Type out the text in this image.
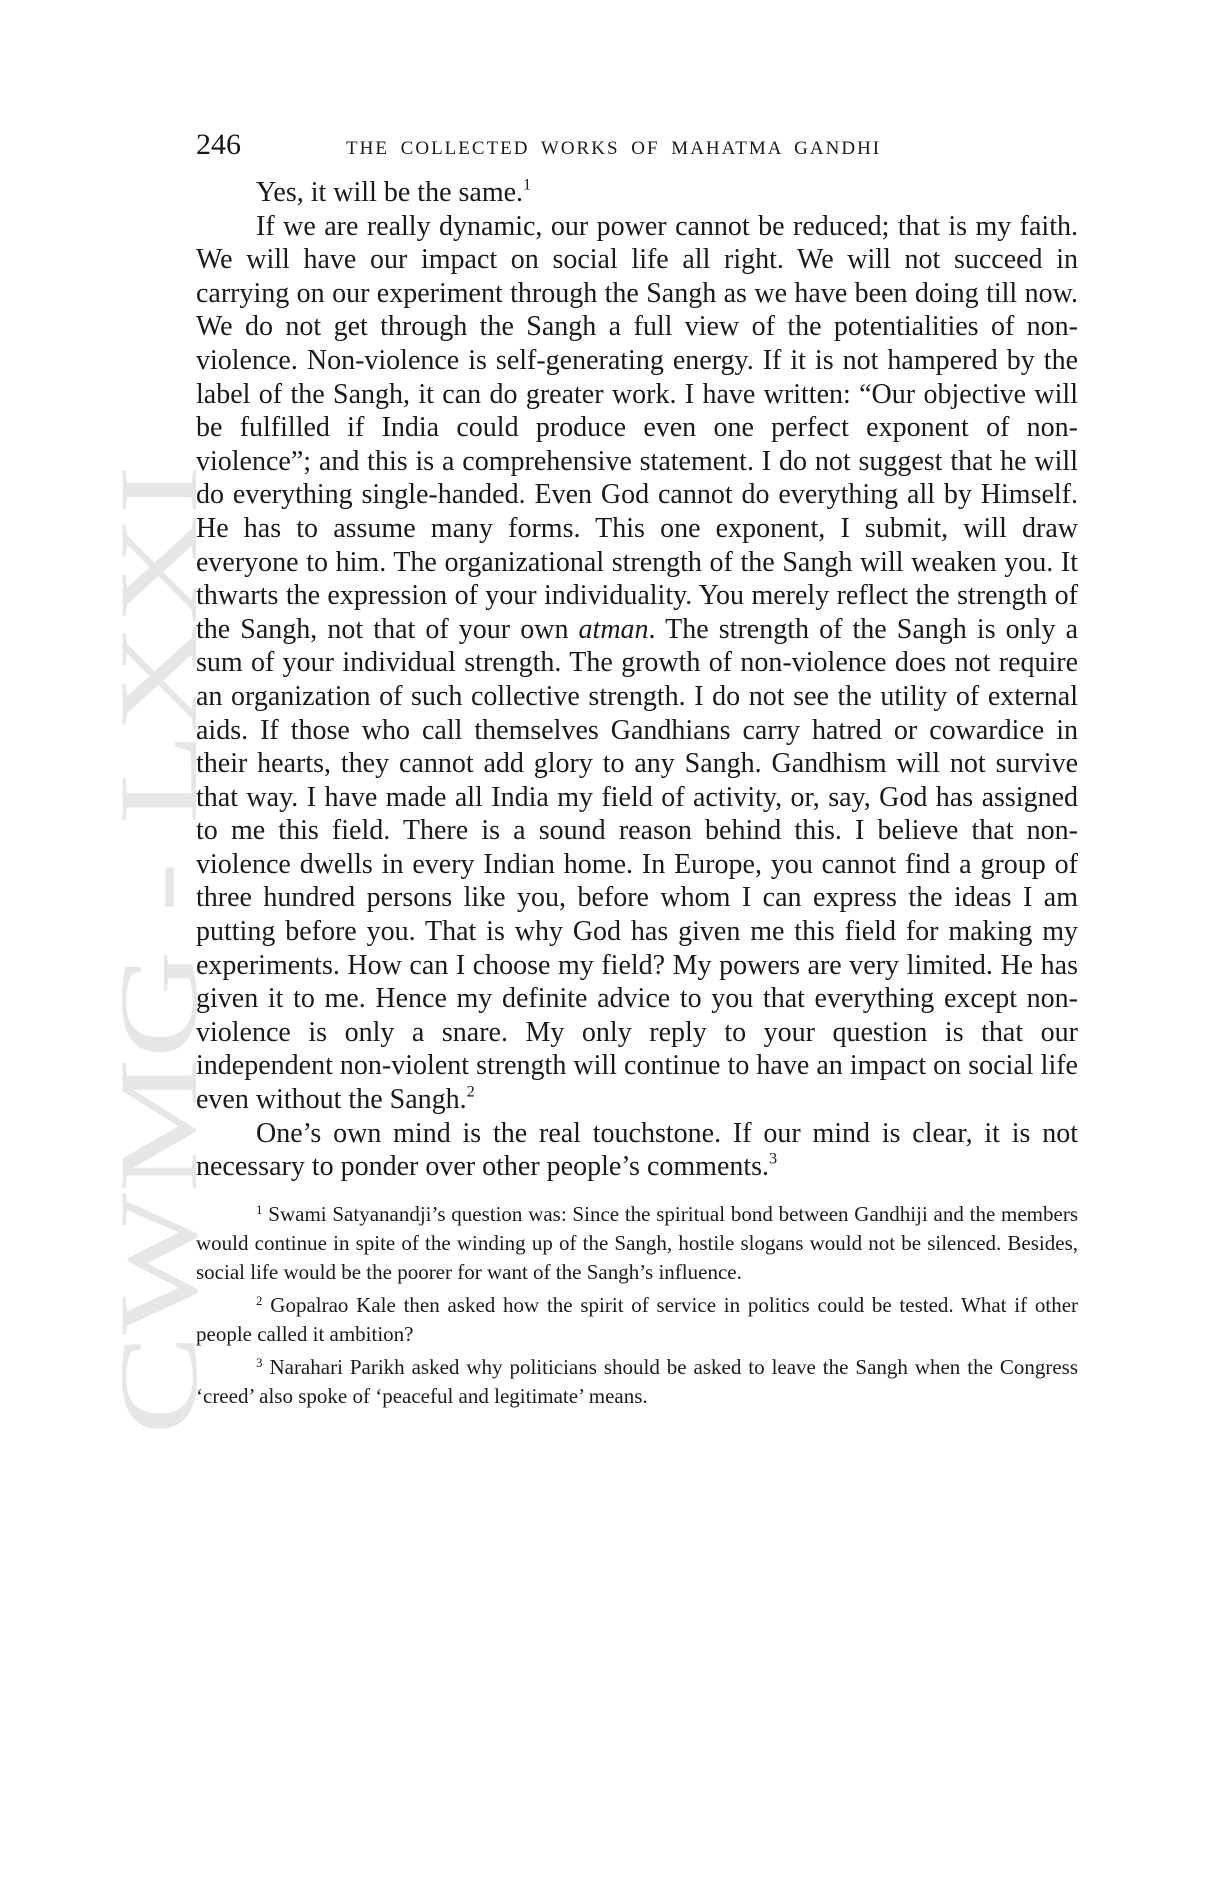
CWMG - LXXI
246	THE COLLECTED WORKS OF MAHATMA GANDHI

Yes, it will be the same.$^1$

If we are really dynamic, our power cannot be reduced; that is my faith. We will have our impact on social life all right. We will not succeed in carrying on our experiment through the Sangh as we have been doing till now. We do not get through the Sangh a full view of the potentialities of non-violence. Non-violence is self-generating energy. If it is not hampered by the label of the Sangh, it can do greater work. I have written: “Our objective will be fulfilled if India could produce even one perfect exponent of non-violence”; and this is a comprehensive statement. I do not suggest that he will do everything single-handed. Even God cannot do everything all by Himself. He has to assume many forms. This one exponent, I submit, will draw everyone to him. The organizational strength of the Sangh will weaken you. It thwarts the expression of your individuality. You merely reflect the strength of the Sangh, not that of your own atman. The strength of the Sangh is only a sum of your individual strength. The growth of non-violence does not require an organization of such collective strength. I do not see the utility of external aids. If those who call themselves Gandhians carry hatred or cowardice in their hearts, they cannot add glory to any Sangh. Gandhism will not survive that way. I have made all India my field of activity, or, say, God has assigned to me this field. There is a sound reason behind this. I believe that non-violence dwells in every Indian home. In Europe, you cannot find a group of three hundred persons like you, before whom I can express the ideas I am putting before you. That is why God has given me this field for making my experiments. How can I choose my field? My powers are very limited. He has given it to me. Hence my definite advice to you that everything except non-violence is only a snare. My only reply to your question is that our independent non-violent strength will continue to have an impact on social life even without the Sangh.$^2$

One’s own mind is the real touchstone. If our mind is clear, it is not necessary to ponder over other people’s comments.$^3$

$^1$ Swami Satyanandji’s question was: Since the spiritual bond between Gandhiji and the members would continue in spite of the winding up of the Sangh, hostile slogans would not be silenced. Besides, social life would be the poorer for want of the Sangh’s influence.

$^2$ Gopalrao Kale then asked how the spirit of service in politics could be tested. What if other people called it ambition?

$^3$ Narahari Parikh asked why politicians should be asked to leave the Sangh when the Congress ‘creed’ also spoke of ‘peaceful and legitimate’ means.
